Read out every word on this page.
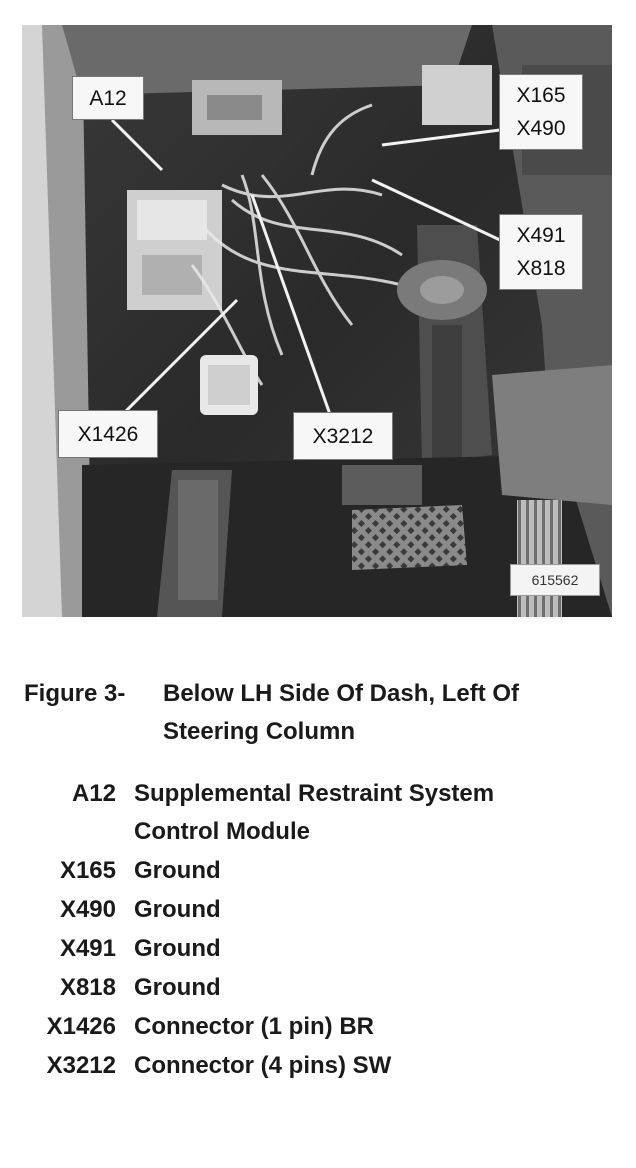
A12	X165
X490
X491
X818
X1426	X3212
615562
Figure 3- Below LH Side Of Dash, Left Of
Steering Column
A12 Supplemental Restraint System
Control Module
X165 Ground
X490 Ground
X491 Ground
X818 Ground
X1426 Connector (1 pin) BR
X3212 Connector (4 pins) SW
